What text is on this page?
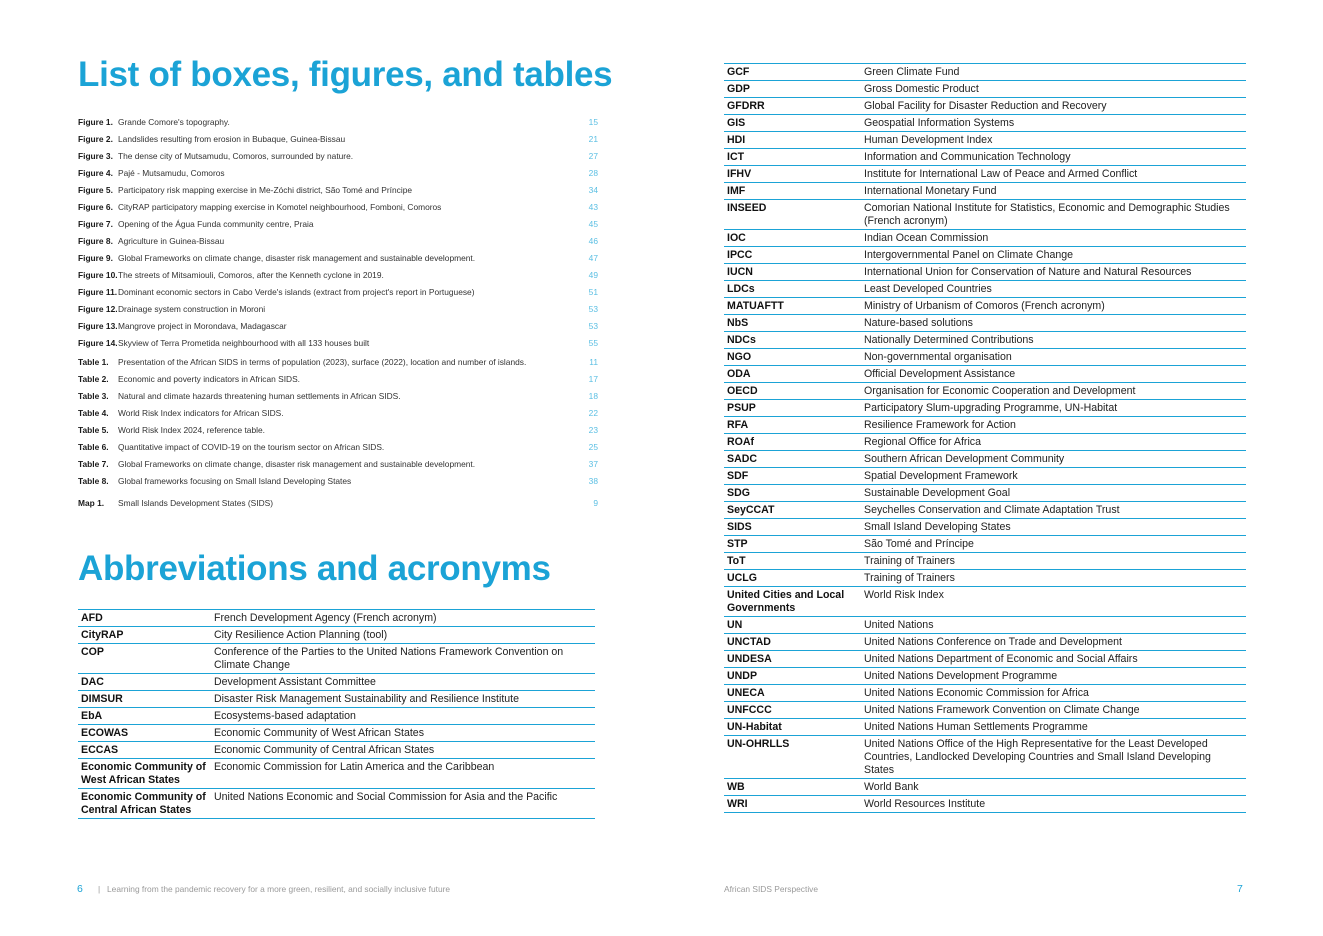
List of boxes, figures, and tables
Figure 1. Grande Comore's topography.	15
Figure 2. Landslides resulting from erosion in Bubaque, Guinea-Bissau	21
Figure 3. The dense city of Mutsamudu, Comoros, surrounded by nature.	27
Figure 4. Pajé - Mutsamudu, Comoros	28
Figure 5. Participatory risk mapping exercise in Me-Zóchi district, São Tomé and Príncipe	34
Figure 6. CityRAP participatory mapping exercise in Komotel neighbourhood, Fomboni, Comoros	43
Figure 7. Opening of the Água Funda community centre, Praia	45
Figure 8. Agriculture in Guinea-Bissau	46
Figure 9. Global Frameworks on climate change, disaster risk management and sustainable development.	47
Figure 10. The streets of Mitsamiouli, Comoros, after the Kenneth cyclone in 2019.	49
Figure 11. Dominant economic sectors in Cabo Verde's islands (extract from project's report in Portuguese)	51
Figure 12. Drainage system construction in Moroni	53
Figure 13. Mangrove project in Morondava, Madagascar	53
Figure 14. Skyview of Terra Prometida neighbourhood with all 133 houses built	55
Table 1. Presentation of the African SIDS in terms of population (2023), surface (2022), location and number of islands.	11
Table 2. Economic and poverty indicators in African SIDS.	17
Table 3. Natural and climate hazards threatening human settlements in African SIDS.	18
Table 4. World Risk Index indicators for African SIDS.	22
Table 5. World Risk Index 2024, reference table.	23
Table 6. Quantitative impact of COVID-19 on the tourism sector on African SIDS.	25
Table 7. Global Frameworks on climate change, disaster risk management and sustainable development.	37
Table 8. Global frameworks focusing on Small Island Developing States	38
Map 1. Small Islands Development States (SIDS)	9
Abbreviations and acronyms
AFD	French Development Agency (French acronym)
CityRAP	City Resilience Action Planning (tool)
COP	Conference of the Parties to the United Nations Framework Convention on Climate Change
DAC	Development Assistant Committee
DIMSUR	Disaster Risk Management Sustainability and Resilience Institute
EbA	Ecosystems-based adaptation
ECOWAS	Economic Community of West African States
ECCAS	Economic Community of Central African States
Economic Community of West African States	Economic Commission for Latin America and the Caribbean
Economic Community of Central African States	United Nations Economic and Social Commission for Asia and the Pacific
6 | Learning from the pandemic recovery for a more green, resilient, and socially inclusive future
GCF	Green Climate Fund
GDP	Gross Domestic Product
GFDRR	Global Facility for Disaster Reduction and Recovery
GIS	Geospatial Information Systems
HDI	Human Development Index
ICT	Information and Communication Technology
IFHV	Institute for International Law of Peace and Armed Conflict
IMF	International Monetary Fund
INSEED	Comorian National Institute for Statistics, Economic and Demographic Studies (French acronym)
IOC	Indian Ocean Commission
IPCC	Intergovernmental Panel on Climate Change
IUCN	International Union for Conservation of Nature and Natural Resources
LDCs	Least Developed Countries
MATUAFTT	Ministry of Urbanism of Comoros (French acronym)
NbS	Nature-based solutions
NDCs	Nationally Determined Contributions
NGO	Non-governmental organisation
ODA	Official Development Assistance
OECD	Organisation for Economic Cooperation and Development
PSUP	Participatory Slum-upgrading Programme, UN-Habitat
RFA	Resilience Framework for Action
ROAf	Regional Office for Africa
SADC	Southern African Development Community
SDF	Spatial Development Framework
SDG	Sustainable Development Goal
SeyCCAT	Seychelles Conservation and Climate Adaptation Trust
SIDS	Small Island Developing States
STP	São Tomé and Príncipe
ToT	Training of Trainers
UCLG	Training of Trainers
United Cities and Local Governments	World Risk Index
UN	United Nations
UNCTAD	United Nations Conference on Trade and Development
UNDESA	United Nations Department of Economic and Social Affairs
UNDP	United Nations Development Programme
UNECA	United Nations Economic Commission for Africa
UNFCCC	United Nations Framework Convention on Climate Change
UN-Habitat	United Nations Human Settlements Programme
UN-OHRLLS	United Nations Office of the High Representative for the Least Developed Countries, Landlocked Developing Countries and Small Island Developing States
WB	World Bank
WRI	World Resources Institute
African SIDS Perspective	7
